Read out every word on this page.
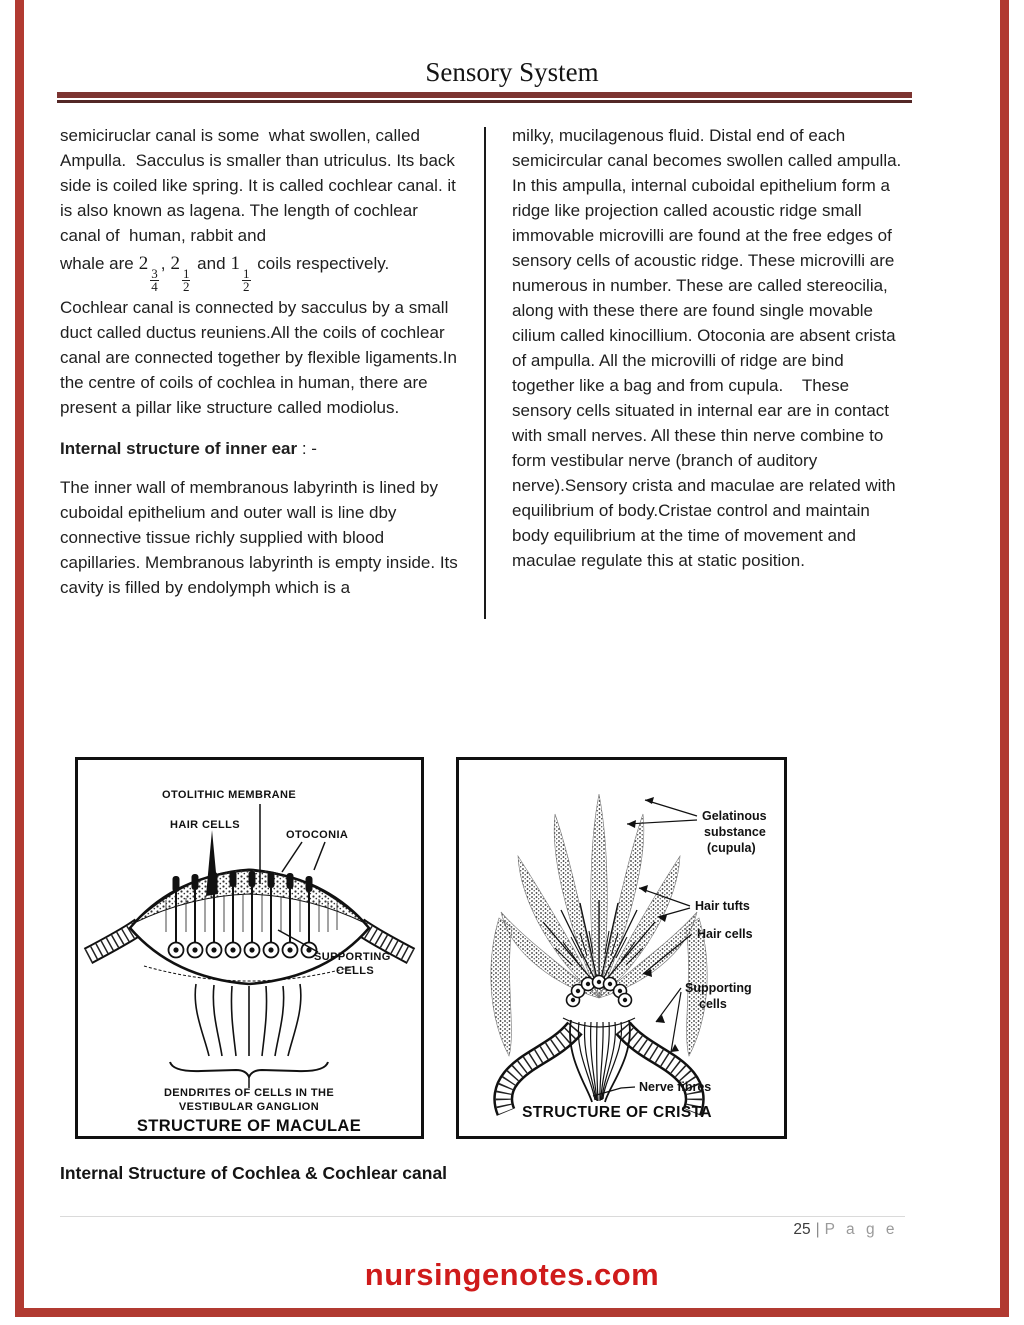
Sensory System

semiciruclar canal is some  what swollen, called Ampulla.  Sacculus is smaller than utriculus. Its back side is coiled like spring. It is called cochlear canal. it is also known as lagena. The length of cochlear canal of  human, rabbit and

whale are 2
$\frac{3}{4}$
, 2
$\frac{1}{2}$
and 1
$\frac{1}{2}$
coils respectively.

Cochlear canal is connected by sacculus by a small duct called ductus reuniens.All the coils of cochlear canal are connected together by flexible ligaments.In the centre of coils of cochlea in human, there are present a pillar like structure called modiolus.

Internal structure of inner ear : -

The inner wall of membranous labyrinth is lined by cuboidal epithelium and outer wall is line dby connective tissue richly supplied with blood capillaries. Membranous labyrinth is empty inside. Its cavity is filled by endolymph which is a

milky, mucilagenous fluid. Distal end of each semicircular canal becomes swollen called ampulla. In this ampulla, internal cuboidal epithelium form a ridge like projection called acoustic ridge small immovable microvilli are found at the free edges of sensory cells of acoustic ridge. These microvilli are numerous in number. These are called stereocilia, along with these there are found single movable cilium called kinocillium. Otoconia are absent crista of ampulla. All the microvilli of ridge are bind together like a bag and from cupula.    These sensory cells situated in internal ear are in contact with small nerves. All these thin nerve combine to form vestibular nerve (branch of auditory nerve).Sensory crista and maculae are related with equilibrium of body.Cristae control and maintain body equilibrium at the time of movement and maculae regulate this at static position.

OTOLITHIC MEMBRANE
HAIR CELLS
OTOCONIA
SUPPORTING
CELLS
DENDRITES OF CELLS IN THE
VESTIBULAR GANGLION
STRUCTURE OF MACULAE
Gelatinous
substance
(cupula)
Hair tufts
Hair cells
Supporting
cells
Nerve fibres
STRUCTURE OF CRISTA
Internal Structure of Cochlea & Cochlear canal
25 | P a g e
nursingenotes.com
